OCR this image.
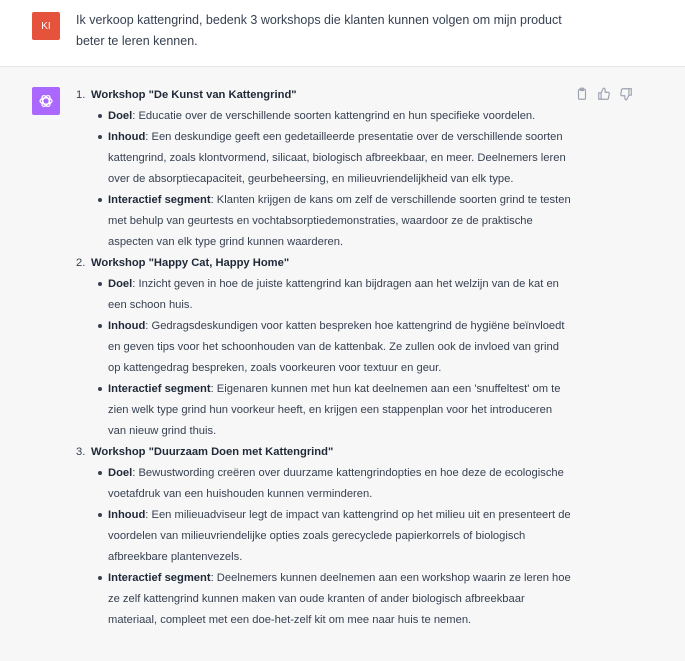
KI	Ik verkoop kattengrind, bedenk 3 workshops die klanten kunnen volgen om mijn product beter te leren kennen.
1. Workshop "De Kunst van Kattengrind"
Doel: Educatie over de verschillende soorten kattengrind en hun specifieke voordelen.
Inhoud: Een deskundige geeft een gedetailleerde presentatie over de verschillende soorten kattengrind, zoals klontvormend, silicaat, biologisch afbreekbaar, en meer. Deelnemers leren over de absorptiecapaciteit, geurbeheersing, en milieuvriendelijkheid van elk type.
Interactief segment: Klanten krijgen de kans om zelf de verschillende soorten grind te testen met behulp van geurtests en vochtabsorptiedemonstraties, waardoor ze de praktische aspecten van elk type grind kunnen waarderen.
2. Workshop "Happy Cat, Happy Home"
Doel: Inzicht geven in hoe de juiste kattengrind kan bijdragen aan het welzijn van de kat en een schoon huis.
Inhoud: Gedragsdeskundigen voor katten bespreken hoe kattengrind de hygiëne beïnvloedt en geven tips voor het schoonhouden van de kattenbak. Ze zullen ook de invloed van grind op kattengedrag bespreken, zoals voorkeuren voor textuur en geur.
Interactief segment: Eigenaren kunnen met hun kat deelnemen aan een 'snuffeltest' om te zien welk type grind hun voorkeur heeft, en krijgen een stappenplan voor het introduceren van nieuw grind thuis.
3. Workshop "Duurzaam Doen met Kattengrind"
Doel: Bewustwording creëren over duurzame kattengrindopties en hoe deze de ecologische voetafdruk van een huishouden kunnen verminderen.
Inhoud: Een milieuadviseur legt de impact van kattengrind op het milieu uit en presenteert de voordelen van milieuvriendelijke opties zoals gerecyclede papierkorrels of biologisch afbreekbare plantenvezels.
Interactief segment: Deelnemers kunnen deelnemen aan een workshop waarin ze leren hoe ze zelf kattengrind kunnen maken van oude kranten of ander biologisch afbreekbaar materiaal, compleet met een doe-het-zelf kit om mee naar huis te nemen.
